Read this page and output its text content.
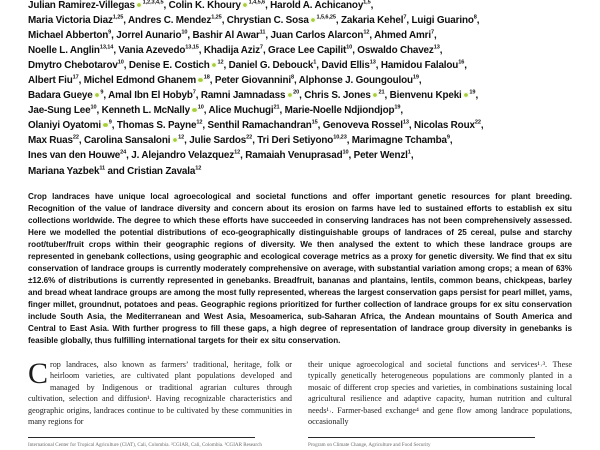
Julian Ramirez-Villegas $^{1,2,3,4,5}$, Colin K. Khoury $^{1,4,5,6}$, Harold A. Achicanoy$^{1,5}$,
Maria Victoria Diaz$^{1,25}$, Andres C. Mendez$^{1,25}$, Chrystian C. Sosa $^{1,5,6,25}$, Zakaria Kehel$^7$, Luigi Guarino$^8$,
Michael Abberton$^9$, Jorrel Aunario$^{10}$, Bashir Al Awar$^{11}$, Juan Carlos Alarcon$^{12}$, Ahmed Amri$^7$,
Noelle L. Anglin$^{13,14}$, Vania Azevedo$^{13,15}$, Khadija Aziz$^7$, Grace Lee Capilit$^{10}$, Oswaldo Chavez$^{13}$,
Dmytro Chebotarov$^{10}$, Denise E. Costich $^{12}$, Daniel G. Debouck$^1$, David Ellis$^{13}$, Hamidou Falalou$^{16}$,
Albert Fiu$^{17}$, Michel Edmond Ghanem $^{18}$, Peter Giovannini$^8$, Alphonse J. Goungoulou$^{19}$,
Badara Gueye $^9$, Amal Ibn El Hobyb$^7$, Ramni Jamnadass $^{20}$, Chris S. Jones $^{21}$, Bienvenu Kpeki $^{19}$,
Jae-Sung Lee$^{10}$, Kenneth L. McNally $^{10}$, Alice Muchugi$^{21}$, Marie-Noelle Ndjiondjop$^{19}$,
Olaniyi Oyatomi $^9$, Thomas S. Payne$^{12}$, Senthil Ramachandran$^{15}$, Genoveva Rossel$^{13}$, Nicolas Roux$^{22}$,
Max Ruas$^{22}$, Carolina Sansaloni $^{12}$, Julie Sardos$^{22}$, Tri Deri Setiyono$^{10,23}$, Marimagne Tchamba$^9$,
Ines van den Houwe$^{24}$, J. Alejandro Velazquez$^{12}$, Ramaiah Venuprasad$^{10}$, Peter Wenzl$^1$,
Mariana Yazbek$^{11}$ and Cristian Zavala$^{12}$

Crop landraces have unique local agroecological and societal functions and offer important genetic resources for plant breeding. Recognition of the value of landrace diversity and concern about its erosion on farms have led to sustained efforts to establish ex situ collections worldwide. The degree to which these efforts have succeeded in conserving landraces has not been comprehensively assessed. Here we modelled the potential distributions of eco-geographically distinguishable groups of landraces of 25 cereal, pulse and starchy root/tuber/fruit crops within their geographic regions of diversity. We then analysed the extent to which these landrace groups are represented in genebank collections, using geographic and ecological coverage metrics as a proxy for genetic diversity. We find that ex situ conservation of landrace groups is currently moderately comprehensive on average, with substantial variation among crops; a mean of 63% ±12.6% of distributions is currently represented in genebanks. Breadfruit, bananas and plantains, lentils, common beans, chickpeas, barley and bread wheat landrace groups are among the most fully represented, whereas the largest conservation gaps persist for pearl millet, yams, finger millet, groundnut, potatoes and peas. Geographic regions prioritized for further collection of landrace groups for ex situ conservation include South Asia, the Mediterranean and West Asia, Mesoamerica, sub-Saharan Africa, the Andean mountains of South America and Central to East Asia. With further progress to fill these gaps, a high degree of representation of landrace group diversity in genebanks is feasible globally, thus fulfilling international targets for their ex situ conservation.

Crop landraces, also known as farmers’ traditional, heritage, folk or heirloom varieties, are cultivated plant populations developed and managed by Indigenous or traditional agrarian cultures through cultivation, selection and diffusion¹. Having recognizable characteristics and geographic origins, landraces continue to be cultivated by these communities in many regions for

their unique agroecological and societal functions and services¹˒³. These typically genetically heterogeneous populations are commonly planted in a mosaic of different crop species and varieties, in combinations sustaining local agricultural resilience and adaptive capacity, human nutrition and cultural needs¹˒. Farmer-based exchange⁴ and gene flow among landrace populations, occasionally

International Center for Tropical Agriculture (CIAT), Cali, Colombia. ²CGIAR, Cali, Colombia. ³CGIAR Research	Program on Climate Change, Agriculture and Food Security
